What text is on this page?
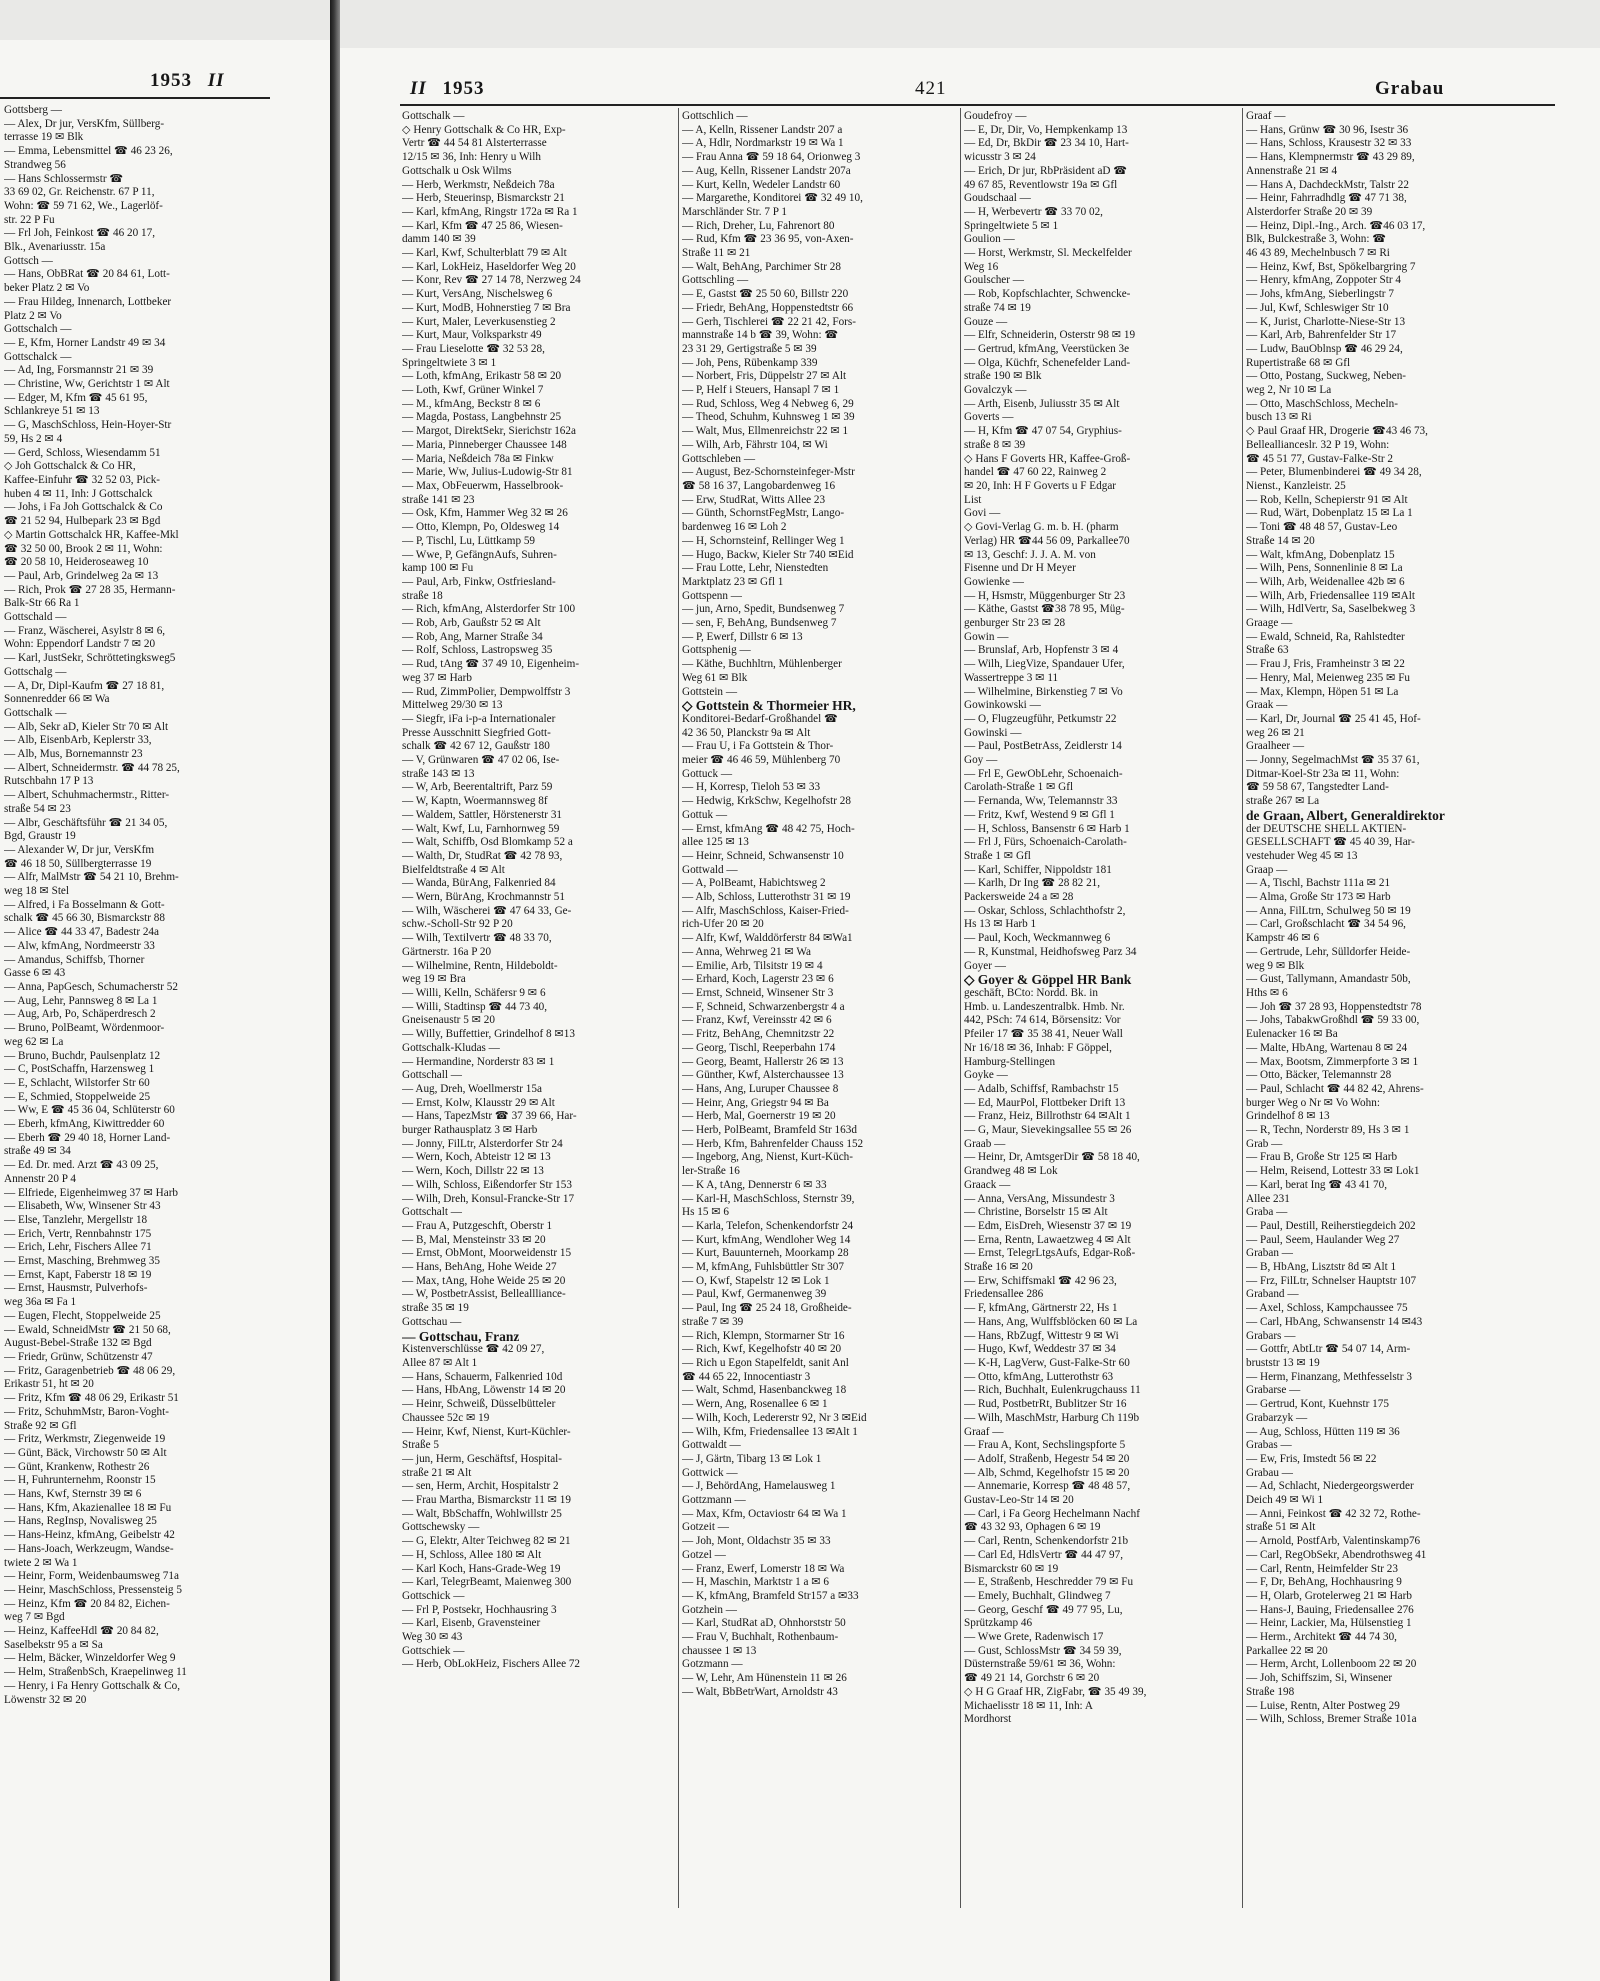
1953 II
Gottsberg —
— Alex, Dr jur, VersKfm, Süllberg-
terrasse 19 ✉ Blk
— Emma, Lebensmittel ☎ 46 23 26,
Strandweg 56
— Hans Schlossermstr ☎
33 69 02, Gr. Reichenstr. 67 P 11,
Wohn: ☎ 59 71 62, We., Lagerlöf-
str. 22 P Fu
— Frl Joh, Feinkost ☎ 46 20 17,
Blk., Avenariusstr. 15a
Gottsch —
— Hans, ObBRat ☎ 20 84 61, Lott-
beker Platz 2 ✉ Vo
— Frau Hildeg, Innenarch, Lottbeker
Platz 2 ✉ Vo
Gottschalch —
— E, Kfm, Horner Landstr 49 ✉ 34
Gottschalck —
— Ad, Ing, Forsmannstr 21 ✉ 39
— Christine, Ww, Gerichtstr 1 ✉ Alt
— Edger, M, Kfm ☎ 45 61 95,
Schlankreye 51 ✉ 13
— G, MaschSchloss, Hein-Hoyer-Str
59, Hs 2 ✉ 4
— Gerd, Schloss, Wiesendamm 51
◇ Joh Gottschalck & Co HR,
Kaffee-Einfuhr ☎ 32 52 03, Pick-
huben 4 ✉ 11, Inh: J Gottschalck
— Johs, i Fa Joh Gottschalck & Co
☎ 21 52 94, Hulbepark 23 ✉ Bgd
◇ Martin Gottschalck HR, Kaffee-Mkl
☎ 32 50 00, Brook 2 ✉ 11, Wohn:
☎ 20 58 10, Heideroseaweg 10
— Paul, Arb, Grindelweg 2a ✉ 13
— Rich, Prok ☎ 27 28 35, Hermann-
Balk-Str 66 Ra 1
Gottschald —
— Franz, Wäscherei, Asylstr 8 ✉ 6,
Wohn: Eppendorf Landstr 7 ✉ 20
— Karl, JustSekr, Schröttetingksweg5
Gottschalg —
— A, Dr, Dipl-Kaufm ☎ 27 18 81,
Sonnenredder 66 ✉ Wa
Gottschalk —
— Alb, Sekr aD, Kieler Str 70 ✉ Alt
— Alb, EisenbArb, Keplerstr 33,
— Alb, Mus, Bornemannstr 23
— Albert, Schneidermstr. ☎ 44 78 25,
Rutschbahn 17 P 13
— Albert, Schuhmachermstr., Ritter-
straße 54 ✉ 23
— Albr, Geschäftsführ ☎ 21 34 05,
Bgd, Graustr 19
— Alexander W, Dr jur, VersKfm
☎ 46 18 50, Süllbergterrasse 19
— Alfr, MalMstr ☎ 54 21 10, Brehm-
weg 18 ✉ Stel
— Alfred, i Fa Bosselmann & Gott-
schalk ☎ 45 66 30, Bismarckstr 88
— Alice ☎ 44 33 47, Badestr 24a
— Alw, kfmAng, Nordmeerstr 33
— Amandus, Schiffsb, Thorner
Gasse 6 ✉ 43
— Anna, PapGesch, Schumacherstr 52
— Aug, Lehr, Pannsweg 8 ✉ La 1
— Aug, Arb, Po, Schäperdresch 2
— Bruno, PolBeamt, Wördenmoor-
weg 62 ✉ La
— Bruno, Buchdr, Paulsenplatz 12
— C, PostSchaffn, Harzensweg 1
— E, Schlacht, Wilstorfer Str 60
— E, Schmied, Stoppelweide 25
— Ww, E ☎ 45 36 04, Schlüterstr 60
— Eberh, kfmAng, Kiwittredder 60
— Eberh ☎ 29 40 18, Horner Land-
straße 49 ✉ 34
— Ed. Dr. med. Arzt ☎ 43 09 25,
Annenstr 20 P 4
— Elfriede, Eigenheimweg 37 ✉ Harb
— Elisabeth, Ww, Winsener Str 43
— Else, Tanzlehr, Mergellstr 18
— Erich, Vertr, Rennbahnstr 175
— Erich, Lehr, Fischers Allee 71
— Ernst, Masching, Brehmweg 35
— Ernst, Kapt, Faberstr 18 ✉ 19
— Ernst, Hausmstr, Pulverhofs-
weg 36a ✉ Fa 1
— Eugen, Flecht, Stoppelweide 25
— Ewald, SchneidMstr ☎ 21 50 68,
August-Bebel-Straße 132 ✉ Bgd
— Friedr, Grünw, Schützenstr 47
— Fritz, Garagenbetrieb ☎ 48 06 29,
Erikastr 51, ht ✉ 20
— Fritz, Kfm ☎ 48 06 29, Erikastr 51
— Fritz, SchuhmMstr, Baron-Voght-
Straße 92 ✉ Gfl
— Fritz, Werkmstr, Ziegenweide 19
— Günt, Bäck, Virchowstr 50 ✉ Alt
— Günt, Krankenw, Rothestr 26
— H, Fuhrunternehm, Roonstr 15
— Hans, Kwf, Sternstr 39 ✉ 6
— Hans, Kfm, Akazienallee 18 ✉ Fu
— Hans, RegInsp, Novalisweg 25
— Hans-Heinz, kfmAng, Geibelstr 42
— Hans-Joach, Werkzeugm, Wandse-
twiete 2 ✉ Wa 1
— Heinr, Form, Weidenbaumsweg 71a
— Heinr, MaschSchloss, Pressensteig 5
— Heinz, Kfm ☎ 20 84 82, Eichen-
weg 7 ✉ Bgd
— Heinz, KaffeeHdl ☎ 20 84 82,
Saselbekstr 95 a ✉ Sa
— Helm, Bäcker, Winzeldorfer Weg 9
— Helm, StraßenbSch, Kraepelinweg 11
— Henry, i Fa Henry Gottschalk & Co,
Löwenstr 32 ✉ 20
II 1953	421	Grabau
Gottschalk —
◇ Henry Gottschalk & Co HR, Exp-
Vertr ☎ 44 54 81 Alsterterrasse
12/15 ✉ 36, Inh: Henry u Wilh
Gottschalk u Osk Wilms
— Herb, Werkmstr, Neßdeich 78a
— Herb, Steuerinsp, Bismarckstr 21
— Karl, kfmAng, Ringstr 172a ✉ Ra 1
— Karl, Kfm ☎ 47 25 86, Wiesen-
damm 140 ✉ 39
— Karl, Kwf, Schulterblatt 79 ✉ Alt
— Karl, LokHeiz, Haseldorfer Weg 20
— Konr, Rev ☎ 27 14 78, Nerzweg 24
— Kurt, VersAng, Nischelsweg 6
— Kurt, ModB, Hohnerstieg 7 ✉ Bra
— Kurt, Maler, Leverkusenstieg 2
— Kurt, Maur, Volksparkstr 49
— Frau Lieselotte ☎ 32 53 28,
Springeltwiete 3 ✉ 1
— Loth, kfmAng, Erikastr 58 ✉ 20
— Loth, Kwf, Grüner Winkel 7
— M., kfmAng, Beckstr 8 ✉ 6
— Magda, Postass, Langbehnstr 25
— Margot, DirektSekr, Sierichstr 162a
— Maria, Pinneberger Chaussee 148
— Maria, Neßdeich 78a ✉ Finkw
— Marie, Ww, Julius-Ludowig-Str 81
— Max, ObFeuerwm, Hasselbrook-
straße 141 ✉ 23
— Osk, Kfm, Hammer Weg 32 ✉ 26
— Otto, Klempn, Po, Oldesweg 14
— P, Tischl, Lu, Lüttkamp 59
— Wwe, P, GefängnAufs, Suhren-
kamp 100 ✉ Fu
— Paul, Arb, Finkw, Ostfriesland-
straße 18
— Rich, kfmAng, Alsterdorfer Str 100
— Rob, Arb, Gaußstr 52 ✉ Alt
— Rob, Ang, Marner Straße 34
— Rolf, Schloss, Lastropsweg 35
— Rud, tAng ☎ 37 49 10, Eigenheim-
weg 37 ✉ Harb
— Rud, ZimmPolier, Dempwolffstr 3
Mittelweg 29/30 ✉ 13
— Siegfr, iFa i-p-a Internationaler
Presse Ausschnitt Siegfried Gott-
schalk ☎ 42 67 12, Gaußstr 180
— V, Grünwaren ☎ 47 02 06, Ise-
straße 143 ✉ 13
— W, Arb, Beerentaltrift, Parz 59
— W, Kaptn, Woermannsweg 8f
— Waldem, Sattler, Hörstenerstr 31
— Walt, Kwf, Lu, Farnhornweg 59
— Walt, Schiffb, Osd Blomkamp 52 a
— Walth, Dr, StudRat ☎ 42 78 93,
Bielfeldtstraße 4 ✉ Alt
— Wanda, BürAng, Falkenried 84
— Wern, BürAng, Krochmannstr 51
— Wilh, Wäscherei ☎ 47 64 33, Ge-
schw.-Scholl-Str 92 P 20
— Wilh, Textilvertr ☎ 48 33 70,
Gärtnerstr. 16a P 20
— Wilhelmine, Rentn, Hildeboldt-
weg 19 ✉ Bra
— Willi, Kelln, Schäfersr 9 ✉ 6
— Willi, Stadtinsp ☎ 44 73 40,
Gneisenaustr 5 ✉ 20
— Willy, Buffettier, Grindelhof 8 ✉13
Gottschalk-Kludas —
— Hermandine, Norderstr 83 ✉ 1
Gottschall —
— Aug, Dreh, Woellmerstr 15a
— Ernst, Kolw, Klausstr 29 ✉ Alt
— Hans, TapezMstr ☎ 37 39 66, Har-
burger Rathausplatz 3 ✉ Harb
— Jonny, FilLtr, Alsterdorfer Str 24
— Wern, Koch, Abteistr 12 ✉ 13
— Wern, Koch, Dillstr 22 ✉ 13
— Wilh, Schloss, Eißendorfer Str 153
— Wilh, Dreh, Konsul-Francke-Str 17
Gottschalt —
— Frau A, Putzgeschft, Oberstr 1
— B, Mal, Mensteinstr 33 ✉ 20
— Ernst, ObMont, Moorweidenstr 15
— Hans, BehAng, Hohe Weide 27
— Max, tAng, Hohe Weide 25 ✉ 20
— W, PostbetrAssist, Belleallliance-
straße 35 ✉ 19
Gottschau —
— Gottschau, Franz
Kistenverschlüsse ☎ 42 09 27,
Allee 87 ✉ Alt 1
— Hans, Schauerm, Falkenried 10d
— Hans, HbAng, Löwenstr 14 ✉ 20
— Heinr, Schweiß, Düsselbütteler
Chaussee 52c ✉ 19
— Heinr, Kwf, Nienst, Kurt-Küchler-
Straße 5
— jun, Herm, Geschäftsf, Hospital-
straße 21 ✉ Alt
— sen, Herm, Archit, Hospitalstr 2
— Frau Martha, Bismarckstr 11 ✉ 19
— Walt, BbSchaffn, Wohlwillstr 25
Gottschewsky —
— G, Elektr, Alter Teichweg 82 ✉ 21
— H, Schloss, Allee 180 ✉ Alt
— Karl Koch, Hans-Grade-Weg 19
— Karl, TelegrBeamt, Maienweg 300
Gottschick —
— Frl P, Postsekr, Hochhausring 3
— Karl, Eisenb, Gravensteiner
Weg 30 ✉ 43
Gottschiek —
— Herb, ObLokHeiz, Fischers Allee 72
Gottschlich —
— A, Kelln, Rissener Landstr 207 a
— A, Hdlr, Nordmarkstr 19 ✉ Wa 1
— Frau Anna ☎ 59 18 64, Orionweg 3
— Aug, Kelln, Rissener Landstr 207a
— Kurt, Kelln, Wedeler Landstr 60
— Margarethe, Konditorei ☎ 32 49 10,
Marschländer Str. 7 P 1
— Rich, Dreher, Lu, Fahrenort 80
— Rud, Kfm ☎ 23 36 95, von-Axen-
Straße 11 ✉ 21
— Walt, BehAng, Parchimer Str 28
Gottschling —
— E, Gastst ☎ 25 50 60, Billstr 220
— Friedr, BehAng, Hoppenstedtstr 66
— Gerh, Tischlerei ☎ 22 21 42, Fors-
mannstraße 14 b ☎ 39, Wohn: ☎
23 31 29, Gertigstraße 5 ✉ 39
— Joh, Pens, Rübenkamp 339
— Norbert, Fris, Düppelstr 27 ✉ Alt
— P, Helf i Steuers, Hansapl 7 ✉ 1
— Rud, Schloss, Weg 4 Nebweg 6, 29
— Theod, Schuhm, Kuhnsweg 1 ✉ 39
— Walt, Mus, Ellmenreichstr 22 ✉ 1
— Wilh, Arb, Fährstr 104, ✉ Wi
Gottschleben —
— August, Bez-Schornsteinfeger-Mstr
☎ 58 16 37, Langobardenweg 16
— Erw, StudRat, Witts Allee 23
— Günth, SchornstFegMstr, Lango-
bardenweg 16 ✉ Loh 2
— H, Schornsteinf, Rellinger Weg 1
— Hugo, Backw, Kieler Str 740 ✉Eid
— Frau Lotte, Lehr, Nienstedten
Marktplatz 23 ✉ Gfl 1
Gottspenn —
— jun, Arno, Spedit, Bundsenweg 7
— sen, F, BehAng, Bundsenweg 7
— P, Ewerf, Dillstr 6 ✉ 13
Gottsphenig —
— Käthe, Buchhltrn, Mühlenberger
Weg 61 ✉ Blk
Gottstein —
◇ Gottstein & Thormeier HR,
Konditorei-Bedarf-Großhandel ☎
42 36 50, Planckstr 9a ✉ Alt
— Frau U, i Fa Gottstein & Thor-
meier ☎ 46 46 59, Mühlenberg 70
Gottuck —
— H, Korresp, Tieloh 53 ✉ 33
— Hedwig, KrkSchw, Kegelhofstr 28
Gottuk —
— Ernst, kfmAng ☎ 48 42 75, Hoch-
allee 125 ✉ 13
— Heinr, Schneid, Schwansenstr 10
Gottwald —
— A, PolBeamt, Habichtsweg 2
— Alb, Schloss, Lutterothstr 31 ✉ 19
— Alfr, MaschSchloss, Kaiser-Fried-
rich-Ufer 20 ✉ 20
— Alfr, Kwf, Walddörferstr 84 ✉Wa1
— Anna, Wehrweg 21 ✉ Wa
— Emilie, Arb, Tilsitstr 19 ✉ 4
— Erhard, Koch, Lagerstr 23 ✉ 6
— Ernst, Schneid, Winsener Str 3
— F, Schneid, Schwarzenbergstr 4 a
— Franz, Kwf, Vereinsstr 42 ✉ 6
— Fritz, BehAng, Chemnitzstr 22
— Georg, Tischl, Reeperbahn 174
— Georg, Beamt, Hallerstr 26 ✉ 13
— Günther, Kwf, Alsterchaussee 13
— Hans, Ang, Luruper Chaussee 8
— Heinr, Ang, Griegstr 94 ✉ Ba
— Herb, Mal, Goernerstr 19 ✉ 20
— Herb, PolBeamt, Bramfeld Str 163d
— Herb, Kfm, Bahrenfelder Chauss 152
— Ingeborg, Ang, Nienst, Kurt-Küch-
ler-Straße 16
— K A, tAng, Dennerstr 6 ✉ 33
— Karl-H, MaschSchloss, Sternstr 39,
Hs 15 ✉ 6
— Karla, Telefon, Schenkendorfstr 24
— Kurt, kfmAng, Wendloher Weg 14
— Kurt, Bauunterneh, Moorkamp 28
— M, kfmAng, Fuhlsbüttler Str 307
— O, Kwf, Stapelstr 12 ✉ Lok 1
— Paul, Kwf, Germanenweg 39
— Paul, Ing ☎ 25 24 18, Großheide-
straße 7 ✉ 39
— Rich, Klempn, Stormarner Str 16
— Rich, Kwf, Kegelhofstr 40 ✉ 20
— Rich u Egon Stapelfeldt, sanit Anl
☎ 44 65 22, Innocentiastr 3
— Walt, Schmd, Hasenbanckweg 18
— Wern, Ang, Rosenallee 6 ✉ 1
— Wilh, Koch, Ledererstr 92, Nr 3 ✉Eid
— Wilh, Kfm, Friedensallee 13 ✉Alt 1
Gottwaldt —
— J, Gärtn, Tibarg 13 ✉ Lok 1
Gottwick —
— J, BehördAng, Hamelausweg 1
Gottzmann —
— Max, Kfm, Octaviostr 64 ✉ Wa 1
Gotzeit —
— Joh, Mont, Oldachstr 35 ✉ 33
Gotzel —
— Franz, Ewerf, Lomerstr 18 ✉ Wa
— H, Maschin, Marktstr 1 a ✉ 6
— K, kfmAng, Bramfeld Str157 a ✉33
Gotzhein —
— Karl, StudRat aD, Ohnhorststr 50
— Frau V, Buchhalt, Rothenbaum-
chaussee 1 ✉ 13
Gotzmann —
— W, Lehr, Am Hünenstein 11 ✉ 26
— Walt, BbBetrWart, Arnoldstr 43
Goudefroy —
— E, Dr, Dir, Vo, Hempkenkamp 13
— Ed, Dr, BkDir ☎ 23 34 10, Hart-
wicusstr 3 ✉ 24
— Erich, Dr jur, RbPräsident aD ☎
49 67 85, Reventlowstr 19a ✉ Gfl
Goudschaal —
— H, Werbevertr ☎ 33 70 02,
Springeltwiete 5 ✉ 1
Goulion —
— Horst, Werkmstr, Sl. Meckelfelder
Weg 16
Goulscher —
— Rob, Kopfschlachter, Schwencke-
straße 74 ✉ 19
Gouze —
— Elfr, Schneiderin, Osterstr 98 ✉ 19
— Gertrud, kfmAng, Veerstücken 3e
— Olga, Küchfr, Schenefelder Land-
straße 190 ✉ Blk
Govalczyk —
— Arth, Eisenb, Juliusstr 35 ✉ Alt
Goverts —
— H, Kfm ☎ 47 07 54, Gryphius-
straße 8 ✉ 39
◇ Hans F Goverts HR, Kaffee-Groß-
handel ☎ 47 60 22, Rainweg 2
✉ 20, Inh: H F Goverts u F Edgar
List
Govi —
◇ Govi-Verlag G. m. b. H. (pharm
Verlag) HR ☎44 56 09, Parkallee70
✉ 13, Geschf: J. J. A. M. von
Fisenne und Dr H Meyer
Gowienke —
— H, Hsmstr, Müggenburger Str 23
— Käthe, Gastst ☎38 78 95, Müg-
genburger Str 23 ✉ 28
Gowin —
— Brunslaf, Arb, Hopfenstr 3 ✉ 4
— Wilh, LiegVize, Spandauer Ufer,
Wassertreppe 3 ✉ 11
— Wilhelmine, Birkenstieg 7 ✉ Vo
Gowinkowski —
— O, Flugzeugführ, Petkumstr 22
Gowinski —
— Paul, PostBetrAss, Zeidlerstr 14
Goy —
— Frl E, GewObLehr, Schoenaich-
Carolath-Straße 1 ✉ Gfl
— Fernanda, Ww, Telemannstr 33
— Fritz, Kwf, Westend 9 ✉ Gfl 1
— H, Schloss, Bansenstr 6 ✉ Harb 1
— Frl J, Fürs, Schoenaich-Carolath-
Straße 1 ✉ Gfl
— Karl, Schiffer, Nippoldstr 181
— Karlh, Dr Ing ☎ 28 82 21,
Packersweide 24 a ✉ 28
— Oskar, Schloss, Schlachthofstr 2,
Hs 13 ✉ Harb 1
— Paul, Koch, Weckmannweg 6
— R, Kunstmal, Heidhofsweg Parz 34
Goyer —
◇ Goyer & Göppel HR Bank
geschäft, BCto: Nordd. Bk. in
Hmb. u. Landeszentralbk. Hmb. Nr.
442, PSch: 74 614, Börsensitz: Vor
Pfeiler 17 ☎ 35 38 41, Neuer Wall
Nr 16/18 ✉ 36, Inhab: F Göppel,
Hamburg-Stellingen
Goyke —
— Adalb, Schiffsf, Rambachstr 15
— Ed, MaurPol, Flottbeker Drift 13
— Franz, Heiz, Billrothstr 64 ✉Alt 1
— G, Maur, Sievekingsallee 55 ✉ 26
Graab —
— Heinr, Dr, AmtsgerDir ☎ 58 18 40,
Grandweg 48 ✉ Lok
Graack —
— Anna, VersAng, Missundestr 3
— Christine, Borselstr 15 ✉ Alt
— Edm, EisDreh, Wiesenstr 37 ✉ 19
— Erna, Rentn, Lawaetzweg 4 ✉ Alt
— Ernst, TelegrLtgsAufs, Edgar-Roß-
Straße 16 ✉ 20
— Erw, Schiffsmakl ☎ 42 96 23,
Friedensallee 286
— F, kfmAng, Gärtnerstr 22, Hs 1
— Hans, Ang, Wulffsblöcken 60 ✉ La
— Hans, RbZugf, Wittestr 9 ✉ Wi
— Hugo, Kwf, Weddestr 37 ✉ 34
— K-H, LagVerw, Gust-Falke-Str 60
— Otto, kfmAng, Lutterothstr 63
— Rich, Buchhalt, Eulenkrugchauss 11
— Rud, PostbetrRt, Bublitzer Str 16
— Wilh, MaschMstr, Harburg Ch 119b
Graaf —
— Frau A, Kont, Sechslingspforte 5
— Adolf, Straßenb, Hegestr 54 ✉ 20
— Alb, Schmd, Kegelhofstr 15 ✉ 20
— Annemarie, Korresp ☎ 48 48 57,
Gustav-Leo-Str 14 ✉ 20
— Carl, i Fa Georg Hechelmann Nachf
☎ 43 32 93, Ophagen 6 ✉ 19
— Carl, Rentn, Schenkendorfstr 21b
— Carl Ed, HdlsVertr ☎ 44 47 97,
Bismarckstr 60 ✉ 19
— E, Straßenb, Heschredder 79 ✉ Fu
— Emely, Buchhalt, Glindweg 7
— Georg, Geschf ☎ 49 77 95, Lu,
Sprützkamp 46
— Wwe Grete, Radenwisch 17
— Gust, SchlossMstr ☎ 34 59 39,
Düsternstraße 59/61 ✉ 36, Wohn:
☎ 49 21 14, Gorchstr 6 ✉ 20
◇ H G Graaf HR, ZigFabr, ☎ 35 49 39,
Michaelisstr 18 ✉ 11, Inh: A
Mordhorst
Graaf —
— Hans, Grünw ☎ 30 96, Isestr 36
— Hans, Schloss, Krausestr 32 ✉ 33
— Hans, Klempnermstr ☎ 43 29 89,
Annenstraße 21 ✉ 4
— Hans A, DachdeckMstr, Talstr 22
— Heinr, Fahrradhdlg ☎ 47 71 38,
Alsterdorfer Straße 20 ✉ 39
— Heinz, Dipl.-Ing., Arch. ☎46 03 17,
Blk, Bulckestraße 3, Wohn: ☎
46 43 89, Mechelnbusch 7 ✉ Ri
— Heinz, Kwf, Bst, Spökelbargring 7
— Henry, kfmAng, Zoppoter Str 4
— Johs, kfmAng, Sieberlingstr 7
— Jul, Kwf, Schleswiger Str 10
— K, Jurist, Charlotte-Niese-Str 13
— Karl, Arb, Bahrenfelder Str 17
— Ludw, BauOblnsp ☎ 46 29 24,
Rupertistraße 68 ✉ Gfl
— Otto, Postang, Suckweg, Neben-
weg 2, Nr 10 ✉ La
— Otto, MaschSchloss, Mecheln-
busch 13 ✉ Ri
◇ Paul Graaf HR, Drogerie ☎43 46 73,
Belleallianceslr. 32 P 19, Wohn:
☎ 45 51 77, Gustav-Falke-Str 2
— Peter, Blumenbinderei ☎ 49 34 28,
Nienst., Kanzleistr. 25
— Rob, Kelln, Schepierstr 91 ✉ Alt
— Rud, Wärt, Dobenplatz 15 ✉ La 1
— Toni ☎ 48 48 57, Gustav-Leo
Straße 14 ✉ 20
— Walt, kfmAng, Dobenplatz 15
— Wilh, Pens, Sonnenlinie 8 ✉ La
— Wilh, Arb, Weidenallee 42b ✉ 6
— Wilh, Arb, Friedensallee 119 ✉Alt
— Wilh, HdlVertr, Sa, Saselbekweg 3
Graage —
— Ewald, Schneid, Ra, Rahlstedter
Straße 63
— Frau J, Fris, Framheinstr 3 ✉ 22
— Henry, Mal, Meienweg 235 ✉ Fu
— Max, Klempn, Höpen 51 ✉ La
Graak —
— Karl, Dr, Journal ☎ 25 41 45, Hof-
weg 26 ✉ 21
Graalheer —
— Jonny, SegelmachMst ☎ 35 37 61,
Ditmar-Koel-Str 23a ✉ 11, Wohn:
☎ 59 58 67, Tangstedter Land-
straße 267 ✉ La
de Graan, Albert, Generaldirektor
der DEUTSCHE SHELL AKTIEN-
GESELLSCHAFT ☎ 45 40 39, Har-
vestehuder Weg 45 ✉ 13
Graap —
— A, Tischl, Bachstr 111a ✉ 21
— Alma, Große Str 173 ✉ Harb
— Anna, FilLtrn, Schulweg 50 ✉ 19
— Carl, Großschlacht ☎ 34 54 96,
Kampstr 46 ✉ 6
— Gertrude, Lehr, Sülldorfer Heide-
weg 9 ✉ Blk
— Gust, Tallymann, Amandastr 50b,
Hths ✉ 6
— Joh ☎ 37 28 93, Hoppenstedtstr 78
— Johs, TabakwGroßhdl ☎ 59 33 00,
Eulenacker 16 ✉ Ba
— Malte, HbAng, Wartenau 8 ✉ 24
— Max, Bootsm, Zimmerpforte 3 ✉ 1
— Otto, Bäcker, Telemannstr 28
— Paul, Schlacht ☎ 44 82 42, Ahrens-
burger Weg o Nr ✉ Vo Wohn:
Grindelhof 8 ✉ 13
— R, Techn, Norderstr 89, Hs 3 ✉ 1
Grab —
— Frau B, Große Str 125 ✉ Harb
— Helm, Reisend, Lottestr 33 ✉ Lok1
— Karl, berat Ing ☎ 43 41 70,
Allee 231
Graba —
— Paul, Destill, Reiherstiegdeich 202
— Paul, Seem, Haulander Weg 27
Graban —
— B, HbAng, Lisztstr 8d ✉ Alt 1
— Frz, FilLtr, Schnelser Hauptstr 107
Graband —
— Axel, Schloss, Kampchaussee 75
— Carl, HbAng, Schwansenstr 14 ✉43
Grabars —
— Gottfr, AbtLtr ☎ 54 07 14, Arm-
bruststr 13 ✉ 19
— Herm, Finanzang, Methfesselstr 3
Grabarse —
— Gertrud, Kont, Kuehnstr 175
Grabarzyk —
— Aug, Schloss, Hütten 119 ✉ 36
Grabas —
— Ew, Fris, Imstedt 56 ✉ 22
Grabau —
— Ad, Schlacht, Niedergeorgswerder
Deich 49 ✉ Wi 1
— Anni, Feinkost ☎ 42 32 72, Rothe-
straße 51 ✉ Alt
— Arnold, PostfArb, Valentinskamp76
— Carl, RegObSekr, Abendrothsweg 41
— Carl, Rentn, Heimfelder Str 23
— F, Dr, BehAng, Hochhausring 9
— H, Olarb, Grotelerweg 21 ✉ Harb
— Hans-J, Bauing, Friedensallee 276
— Heinr, Lackier, Ma, Hülsenstieg 1
— Herm., Architekt ☎ 44 74 30,
Parkallee 22 ✉ 20
— Herm, Archt, Lollenboom 22 ✉ 20
— Joh, Schiffszim, Si, Winsener
Straße 198
— Luise, Rentn, Alter Postweg 29
— Wilh, Schloss, Bremer Straße 101a
